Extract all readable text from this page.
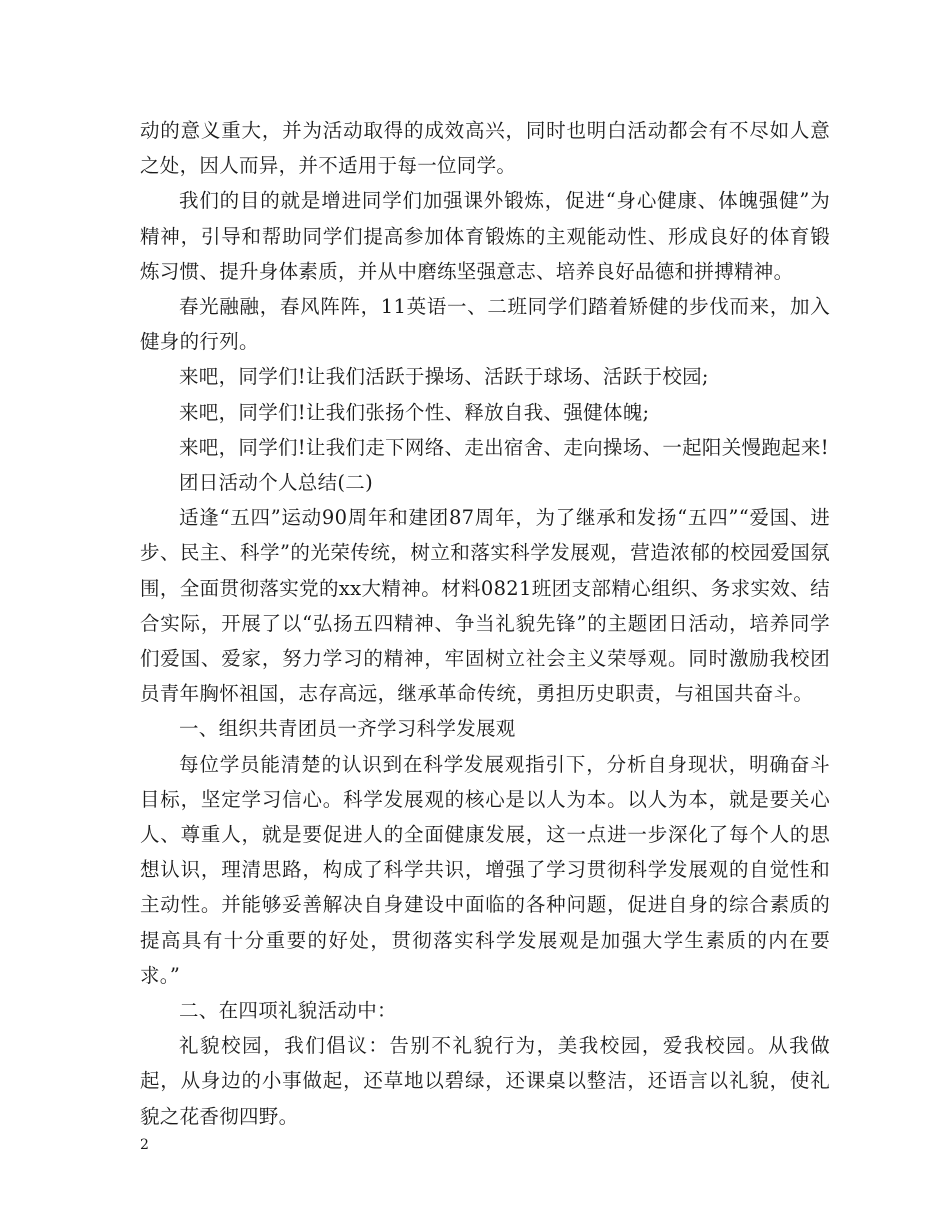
动的意义重大，并为活动取得的成效高兴，同时也明白活动都会有不尽如人意之处，因人而异，并不适用于每一位同学。

我们的目的就是增进同学们加强课外锻炼，促进“身心健康、体魄强健”为精神，引导和帮助同学们提高参加体育锻炼的主观能动性、形成良好的体育锻炼习惯、提升身体素质，并从中磨练坚强意志、培养良好品德和拼搏精神。

春光融融，春风阵阵，11英语一、二班同学们踏着矫健的步伐而来，加入健身的行列。

来吧，同学们!让我们活跃于操场、活跃于球场、活跃于校园;

来吧，同学们!让我们张扬个性、释放自我、强健体魄;

来吧，同学们!让我们走下网络、走出宿舍、走向操场、一起阳关慢跑起来!

团日活动个人总结(二)

适逢“五四”运动90周年和建团87周年，为了继承和发扬“五四”“爱国、进步、民主、科学”的光荣传统，树立和落实科学发展观，营造浓郁的校园爱国氛围，全面贯彻落实党的xx大精神。材料0821班团支部精心组织、务求实效、结合实际，开展了以“弘扬五四精神、争当礼貌先锋”的主题团日活动，培养同学们爱国、爱家，努力学习的精神，牢固树立社会主义荣辱观。同时激励我校团员青年胸怀祖国，志存高远，继承革命传统，勇担历史职责，与祖国共奋斗。

一、组织共青团员一齐学习科学发展观

每位学员能清楚的认识到在科学发展观指引下，分析自身现状，明确奋斗目标，坚定学习信心。科学发展观的核心是以人为本。以人为本，就是要关心人、尊重人，就是要促进人的全面健康发展，这一点进一步深化了每个人的思想认识，理清思路，构成了科学共识，增强了学习贯彻科学发展观的自觉性和主动性。并能够妥善解决自身建设中面临的各种问题，促进自身的综合素质的提高具有十分重要的好处，贯彻落实科学发展观是加强大学生素质的内在要求。”

二、在四项礼貌活动中：

礼貌校园，我们倡议：告别不礼貌行为，美我校园，爱我校园。从我做起，从身边的小事做起，还草地以碧绿，还课桌以整洁，还语言以礼貌，使礼貌之花香彻四野。

2
